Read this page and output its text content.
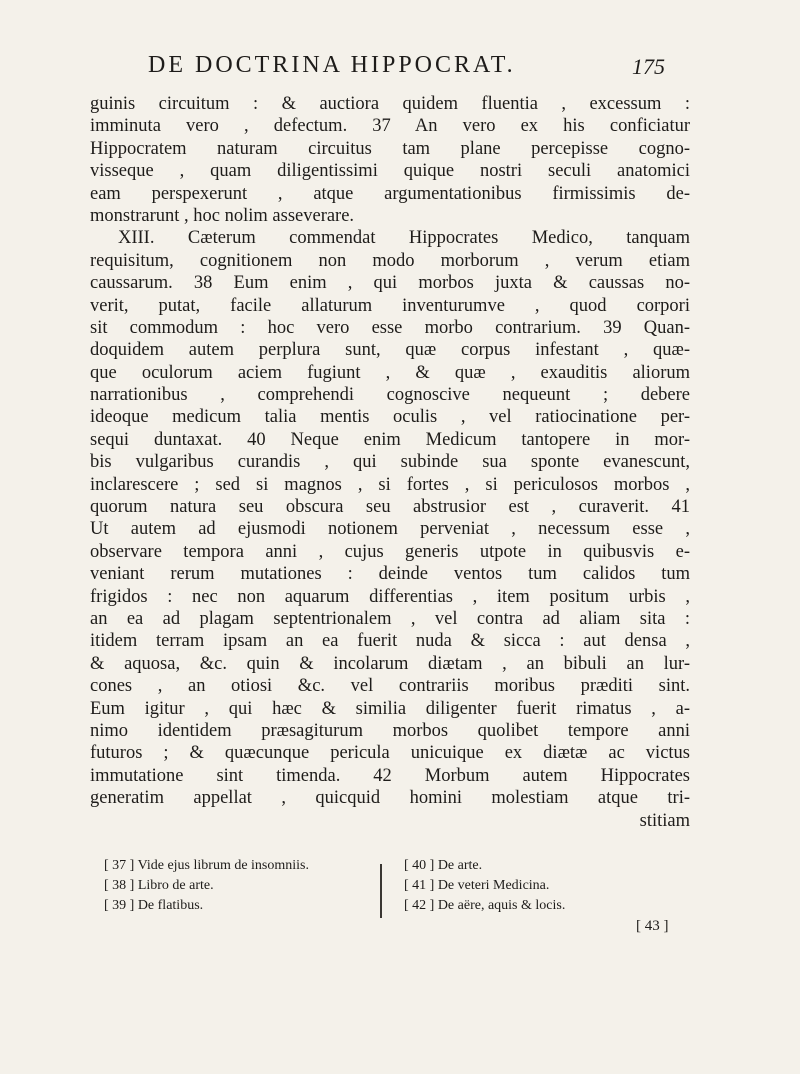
DE DOCTRINA HIPPOCRAT.	175
guinis circuitum : & auctiora quidem fluentia , excessum :
imminuta vero , defectum. 37 An vero ex his conficiatur
Hippocratem naturam circuitus tam plane percepisse cogno-
visseque , quam diligentissimi quique nostri seculi anatomici
eam perspexerunt , atque argumentationibus firmissimis de-
monstrarunt , hoc nolim asseverare.
XIII. Cæterum commendat Hippocrates Medico, tanquam
requisitum, cognitionem non modo morborum , verum etiam
caussarum. 38 Eum enim , qui morbos juxta & caussas no-
verit, putat, facile allaturum inventurumve , quod corpori
sit commodum : hoc vero esse morbo contrarium. 39 Quan-
doquidem autem perplura sunt, quæ corpus infestant , quæ-
que oculorum aciem fugiunt , & quæ , exauditis aliorum
narrationibus , comprehendi cognoscive nequeunt ; debere
ideoque medicum talia mentis oculis , vel ratiocinatione per-
sequi duntaxat. 40 Neque enim Medicum tantopere in mor-
bis vulgaribus curandis , qui subinde sua sponte evanescunt,
inclarescere ; sed si magnos , si fortes , si periculosos morbos ,
quorum natura seu obscura seu abstrusior est , curaverit. 41
Ut autem ad ejusmodi notionem perveniat , necessum esse ,
observare tempora anni , cujus generis utpote in quibusvis e-
veniant rerum mutationes : deinde ventos tum calidos tum
frigidos : nec non aquarum differentias , item positum urbis ,
an ea ad plagam septentrionalem , vel contra ad aliam sita :
itidem terram ipsam an ea fuerit nuda & sicca : aut densa ,
& aquosa, &c. quin & incolarum diætam , an bibuli an lur-
cones , an otiosi &c. vel contrariis moribus præditi sint.
Eum igitur , qui hæc & similia diligenter fuerit rimatus , a-
nimo identidem præsagiturum morbos quolibet tempore anni
futuros ; & quæcunque pericula unicuique ex diætæ ac victus
immutatione sint timenda. 42 Morbum autem Hippocrates
generatim appellat , quicquid homini molestiam atque tri-
stitiam
[ 37 ] Vide ejus librum de insomniis.
[ 38 ] Libro de arte.
[ 39 ] De flatibus.
[ 40 ] De arte.
[ 41 ] De veteri Medicina.
[ 42 ] De aëre, aquis & locis.
[ 43 ]
